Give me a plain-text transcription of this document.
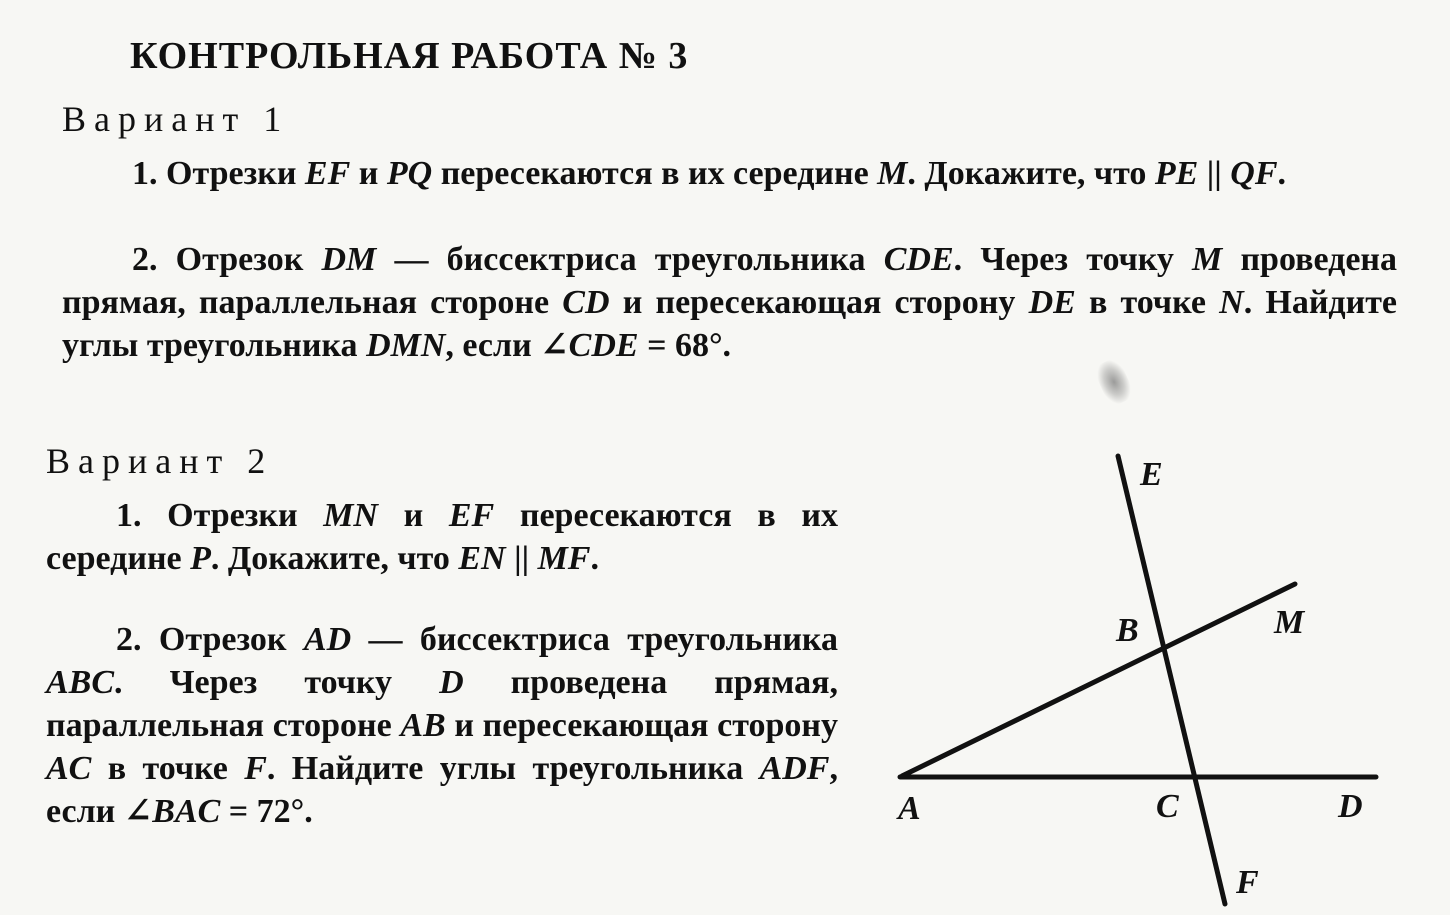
КОНТРОЛЬНАЯ РАБОТА № 3
Вариант 1
1. Отрезки EF и PQ пересекаются в их середине M. Докажите, что PE || QF.
2. Отрезок DM — биссектриса треугольника CDE. Через точку M проведена прямая, параллельная стороне CD и пересекающая сторону DE в точке N. Найдите углы треугольника DMN, если ∠CDE = 68°.
Вариант 2
1. Отрезки MN и EF пересекаются в их середине P. Докажите, что EN || MF.
2. Отрезок AD — биссектриса треугольника ABC. Через точку D проведена прямая, параллельная стороне AB и пересекающая сторону AC в точке F. Найдите углы треугольника ADF, если ∠BAC = 72°.
E
B	M
A	C	D
F
